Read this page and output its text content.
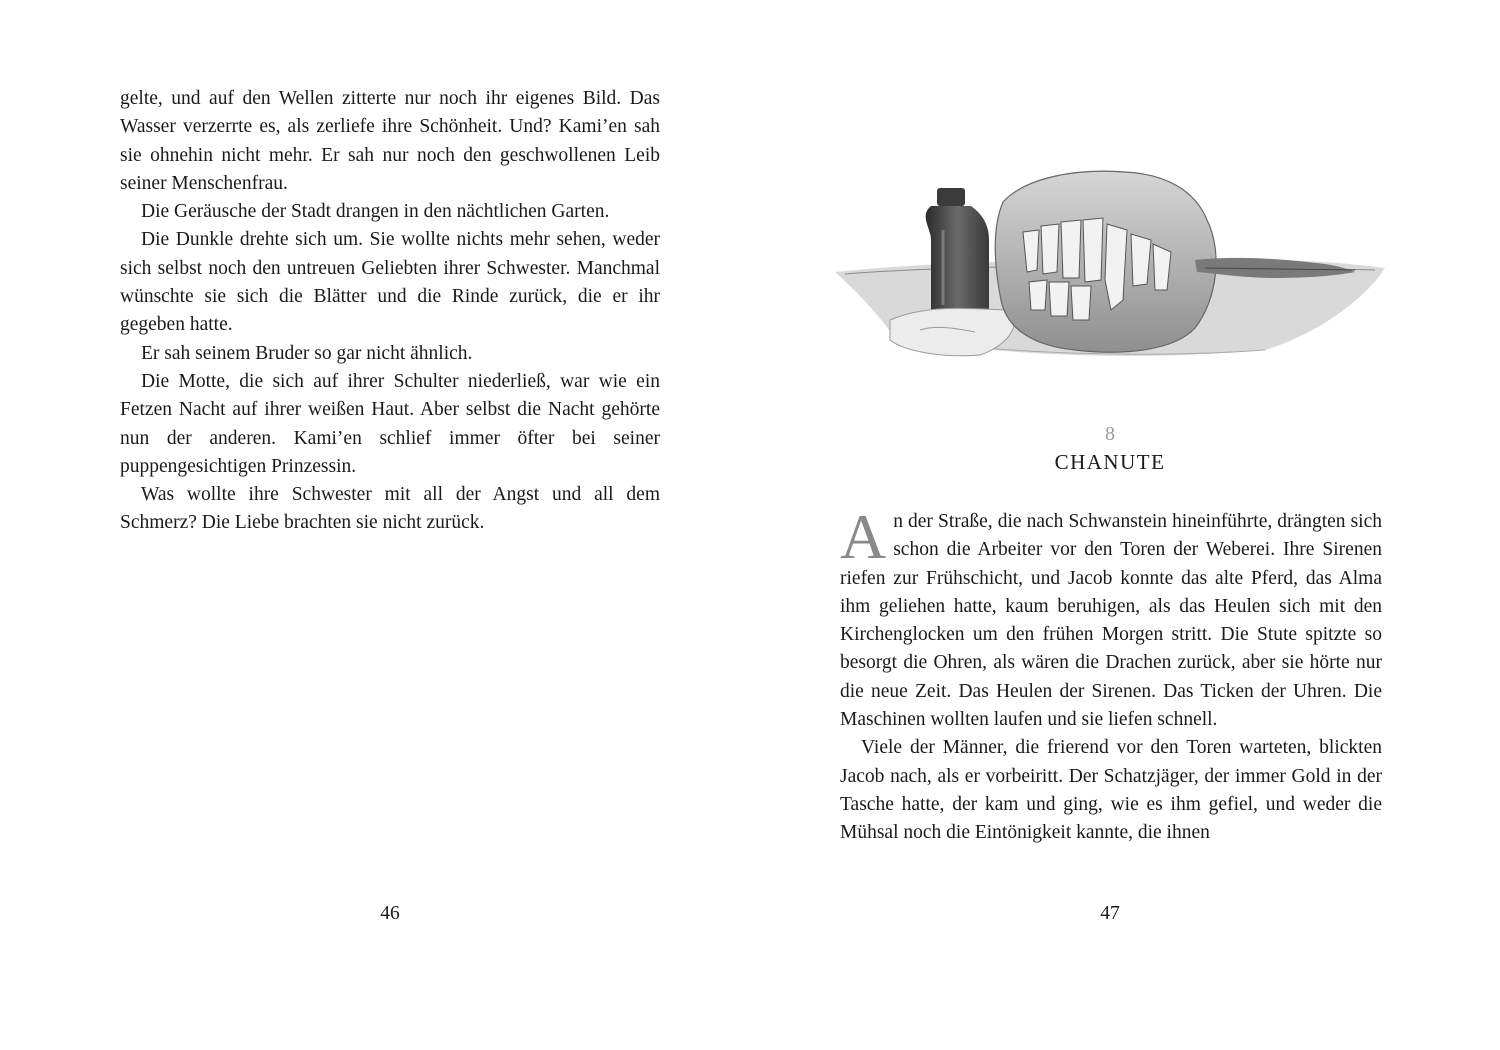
gelte, und auf den Wellen zitterte nur noch ihr eigenes Bild. Das Wasser verzerrte es, als zerliefe ihre Schönheit. Und? Kami’en sah sie ohnehin nicht mehr. Er sah nur noch den geschwollenen Leib seiner Menschenfrau.

Die Geräusche der Stadt drangen in den nächtlichen Garten.

Die Dunkle drehte sich um. Sie wollte nichts mehr sehen, weder sich selbst noch den untreuen Geliebten ihrer Schwester. Manchmal wünschte sie sich die Blätter und die Rinde zurück, die er ihr gegeben hatte.

Er sah seinem Bruder so gar nicht ähnlich.

Die Motte, die sich auf ihrer Schulter niederließ, war wie ein Fetzen Nacht auf ihrer weißen Haut. Aber selbst die Nacht gehörte nun der anderen. Kami’en schlief immer öfter bei seiner puppengesichtigen Prinzessin.

Was wollte ihre Schwester mit all der Angst und all dem Schmerz? Die Liebe brachten sie nicht zurück.

46
8
CHANUTE

An der Straße, die nach Schwanstein hineinführte, drängten sich schon die Arbeiter vor den Toren der Weberei. Ihre Sirenen riefen zur Frühschicht, und Jacob konnte das alte Pferd, das Alma ihm geliehen hatte, kaum beruhigen, als das Heulen sich mit den Kirchenglocken um den frühen Morgen stritt. Die Stute spitzte so besorgt die Ohren, als wären die Drachen zurück, aber sie hörte nur die neue Zeit. Das Heulen der Sirenen. Das Ticken der Uhren. Die Maschinen wollten laufen und sie liefen schnell.

Viele der Männer, die frierend vor den Toren warteten, blickten Jacob nach, als er vorbeiritt. Der Schatzjäger, der immer Gold in der Tasche hatte, der kam und ging, wie es ihm gefiel, und weder die Mühsal noch die Eintönigkeit kannte, die ihnen

47
